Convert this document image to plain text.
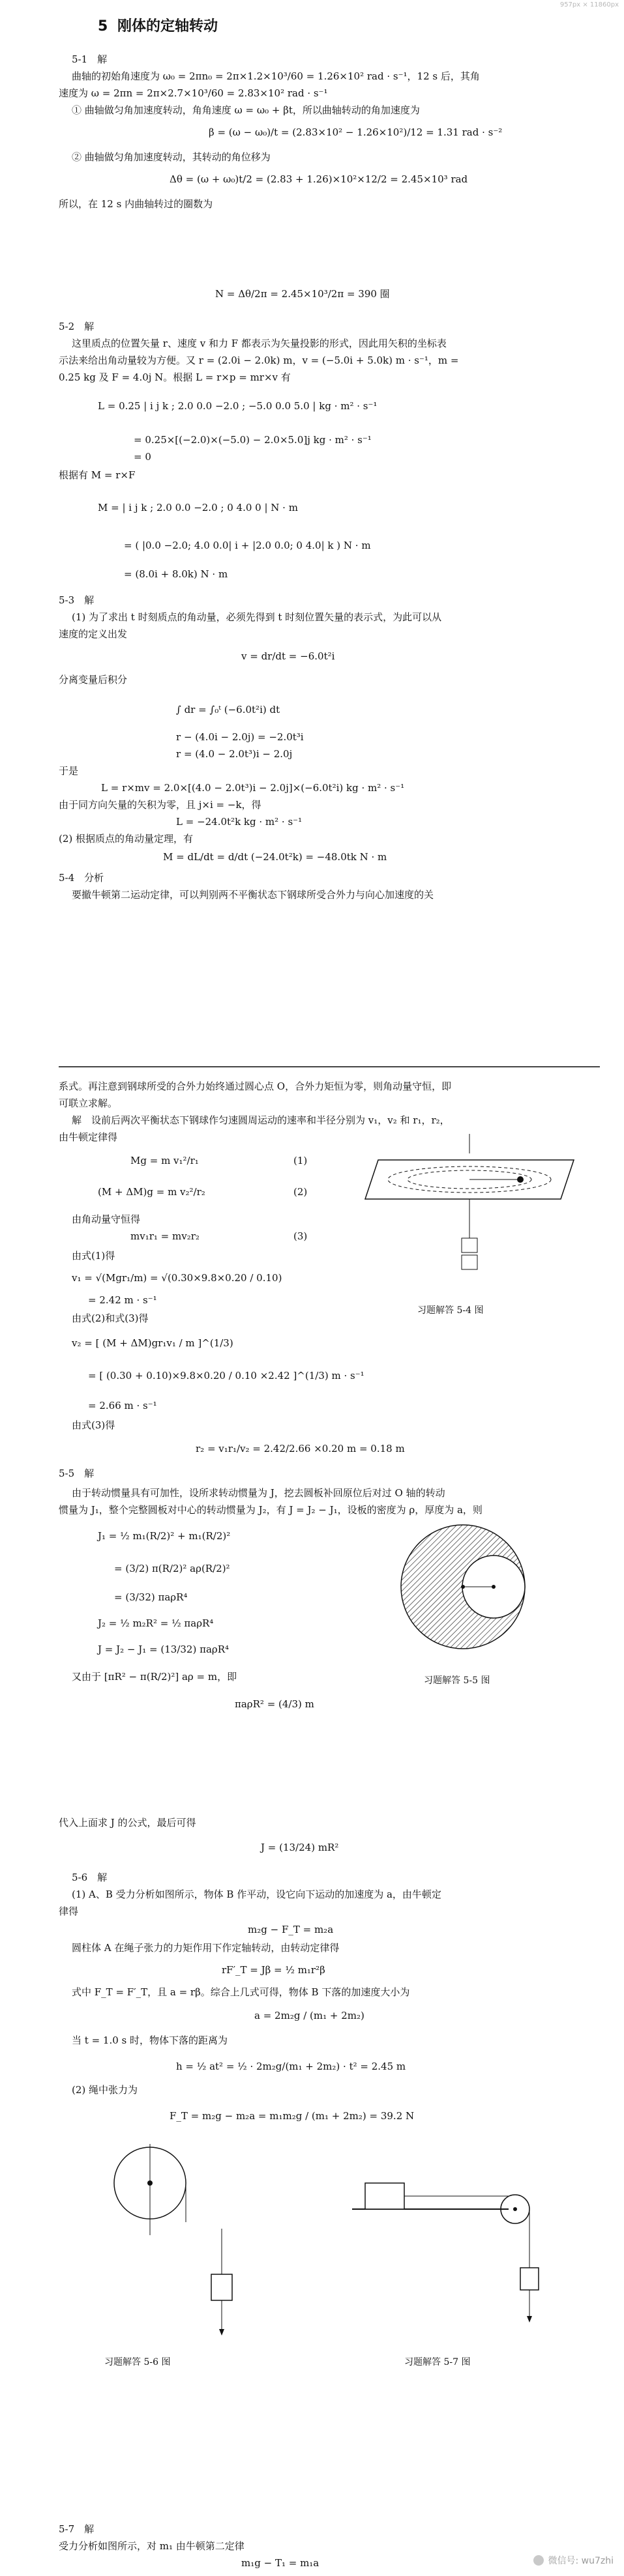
957px × 11860px
5 刚体的定轴转动
5-1　解
曲轴的初始角速度为 ω₀ = 2πn₀ = 2π×1.2×10³/60 = 1.26×10² rad · s⁻¹，12 s 后，其角
速度为 ω = 2πn = 2π×2.7×10³/60 = 2.83×10² rad · s⁻¹
① 曲轴做匀角加速度转动，角角速度 ω = ω₀ + βt，所以曲轴转动的角加速度为
β = (ω − ω₀)/t = (2.83×10² − 1.26×10²)/12 = 1.31 rad · s⁻²
② 曲轴做匀角加速度转动，其转动的角位移为
Δθ = (ω + ω₀)t/2 = (2.83 + 1.26)×10²×12/2 = 2.45×10³ rad
所以，在 12 s 内曲轴转过的圈数为
N = Δθ/2π = 2.45×10³/2π = 390 圈
5-2　解
这里质点的位置矢量 r、速度 v 和力 F 都表示为矢量投影的形式，因此用矢积的坐标表
示法来给出角动量较为方便。又 r = (2.0i − 2.0k) m，v = (−5.0i + 5.0k) m · s⁻¹，m =
0.25 kg 及 F = 4.0j N。根据 L = r×p = mr×v 有
L = 0.25 | i j k ; 2.0 0.0 −2.0 ; −5.0 0.0 5.0 | kg · m² · s⁻¹
= 0.25×[(−2.0)×(−5.0) − 2.0×5.0]j kg · m² · s⁻¹
= 0
根据有 M = r×F
M = | i j k ; 2.0 0.0 −2.0 ; 0 4.0 0 | N · m
= ( |0.0 −2.0; 4.0 0.0| i + |2.0 0.0; 0 4.0| k ) N · m
= (8.0i + 8.0k) N · m
5-3　解
(1) 为了求出 t 时刻质点的角动量，必须先得到 t 时刻位置矢量的表示式，为此可以从
速度的定义出发
v = dr/dt = −6.0t²i
分离变量后积分
∫ dr = ∫₀ᵗ (−6.0t²i) dt
r − (4.0i − 2.0j) = −2.0t³i
r = (4.0 − 2.0t³)i − 2.0j
于是
L = r×mv = 2.0×[(4.0 − 2.0t³)i − 2.0j]×(−6.0t²i) kg · m² · s⁻¹
由于同方向矢量的矢积为零，且 j×i = −k，得
L = −24.0t²k kg · m² · s⁻¹
(2) 根据质点的角动量定理，有
M = dL/dt = d/dt (−24.0t²k) = −48.0tk N · m
5-4　分析
要撤牛顿第二运动定律，可以判别两不平衡状态下钢球所受合外力与向心加速度的关
系式。再注意到钢球所受的合外力始终通过圆心点 O，合外力矩恒为零，则角动量守恒，即
可联立求解。
解　设前后两次平衡状态下钢球作匀速圆周运动的速率和半径分别为 v₁，v₂ 和 r₁，r₂，
由牛顿定律得
Mg = m v₁²/r₁	(1)
(M + ΔM)g = m v₂²/r₂	(2)
由角动量守恒得
mv₁r₁ = mv₂r₂	(3)
由式(1)得
v₁ = √(Mgr₁/m) = √(0.30×9.8×0.20 / 0.10)
= 2.42 m · s⁻¹
由式(2)和式(3)得
v₂ = [ (M + ΔM)gr₁v₁ / m ]^(1/3)
= [ (0.30 + 0.10)×9.8×0.20 / 0.10 ×2.42 ]^(1/3) m · s⁻¹
= 2.66 m · s⁻¹
由式(3)得
r₂ = v₁r₁/v₂ = 2.42/2.66 ×0.20 m = 0.18 m
习题解答 5-4 图
5-5　解
由于转动惯量具有可加性，设所求转动惯量为 J，挖去圆板补回原位后对过 O 轴的转动
惯量为 J₁，整个完整圆板对中心的转动惯量为 J₂，有 J = J₂ − J₁，设板的密度为 ρ，厚度为 a，则
J₁ = ½ m₁(R/2)² + m₁(R/2)²
= (3/2) π(R/2)² aρ(R/2)²
= (3/32) πaρR⁴
J₂ = ½ m₂R² = ½ πaρR⁴
J = J₂ − J₁ = (13/32) πaρR⁴
又由于 [πR² − π(R/2)²] aρ = m，即
πaρR² = (4/3) m
习题解答 5-5 图
代入上面求 J 的公式，最后可得
J = (13/24) mR²
5-6　解
(1) A、B 受力分析如图所示，物体 B 作平动，设它向下运动的加速度为 a，由牛顿定
律得
m₂g − F_T = m₂a
圆柱体 A 在绳子张力的力矩作用下作定轴转动，由转动定律得
rF′_T = Jβ = ½ m₁r²β
式中 F_T = F′_T，且 a = rβ。综合上几式可得，物体 B 下落的加速度大小为
a = 2m₂g / (m₁ + 2m₂)
当 t = 1.0 s 时，物体下落的距离为
h = ½ at² = ½ · 2m₂g/(m₁ + 2m₂) · t² = 2.45 m
(2) 绳中张力为
F_T = m₂g − m₂a = m₁m₂g / (m₁ + 2m₂) = 39.2 N
习题解答 5-6 图	习题解答 5-7 图
5-7　解
受力分析如图所示，对 m₁ 由牛顿第二定律
m₁g − T₁ = m₁a	微信号: wu7zhi
